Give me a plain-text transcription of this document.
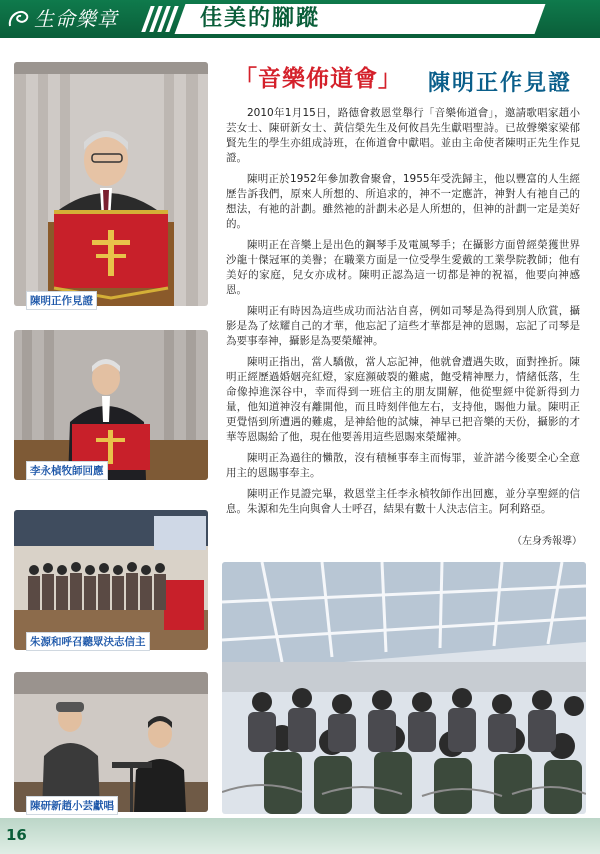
生命樂章	佳美的腳蹤
「音樂佈道會」 陳明正作見證

2010年1月15日，路德會救恩堂舉行「音樂佈道會」，邀請歌唱家趙小芸女士、陳研新女士、黃信榮先生及何攸昌先生獻唱聖詩。已故聲樂家梁郁賢先生的學生亦組成詩班，在佈道會中獻唱。並由主命使者陳明正先生作見證。

陳明正於1952年參加教會聚會，1955年受洗歸主，他以豐富的人生經歷告訴我們，原來人所想的、所追求的，神不一定應許，神對人有祂自己的想法，有祂的計劃。雖然祂的計劃未必是人所想的，但神的計劃一定是美好的。

陳明正在音樂上是出色的鋼琴手及電風琴手；在攝影方面曾經榮獲世界沙龍十傑冠軍的美譽；在職業方面是一位受學生愛戴的工業學院教師；他有美好的家庭，兒女亦成材。陳明正認為這一切都是神的祝福，他要向神感恩。

陳明正有時因為這些成功而沾沾自喜，例如司琴是為得到別人欣賞，攝影是為了炫耀自己的才華，他忘記了這些才華都是神的恩賜，忘記了司琴是為要事奉神，攝影是為要榮耀神。

陳明正指出，當人驕傲，當人忘記神，他就會遭遇失敗，面對挫折。陳明正經歷過婚姻亮紅燈，家庭瀕破裂的難處，飽受精神壓力，情緒低落，生命像掉進深谷中，幸而得到一班信主的朋友開解，他從聖經中從新得到力量，他知道神沒有離開他，而且時刻伴他左右，支持他，賜他力量。陳明正更覺悟到所遭遇的難處，是神給他的試煉，神早已把音樂的天份，攝影的才華等恩賜給了他，現在他要善用這些恩賜來榮耀神。

陳明正為過往的懶散，沒有積極事奉主而悔罪，並許諾今後要全心全意用主的恩賜事奉主。

陳明正作見證完畢，救恩堂主任李永楨牧師作出回應，並分享聖經的信息。朱源和先生向與會人士呼召，結果有數十人決志信主。阿利路亞。

（左身秀報導）
陳明正作見證
李永楨牧師回應
朱源和呼召聽眾決志信主
陳研新趙小芸獻唱
16
